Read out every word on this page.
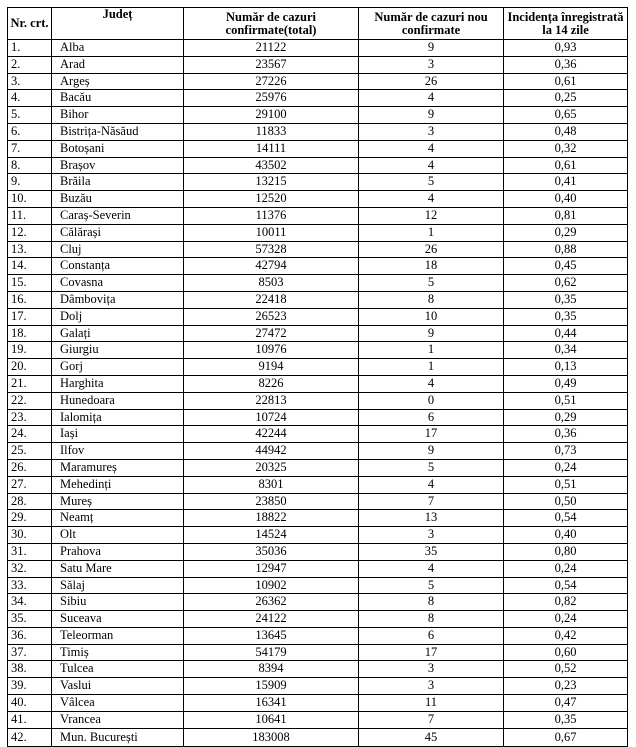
Nr. crt.	Județ	Număr de cazuri confirmate(total)	Număr de cazuri nou confirmate	Incidența înregistrată la 14 zile
1.	Alba	21122	9	0,93
2.	Arad	23567	3	0,36
3.	Argeș	27226	26	0,61
4.	Bacău	25976	4	0,25
5.	Bihor	29100	9	0,65
6.	Bistrița-Năsăud	11833	3	0,48
7.	Botoșani	14111	4	0,32
8.	Brașov	43502	4	0,61
9.	Brăila	13215	5	0,41
10.	Buzău	12520	4	0,40
11.	Caraș-Severin	11376	12	0,81
12.	Călărași	10011	1	0,29
13.	Cluj	57328	26	0,88
14.	Constanța	42794	18	0,45
15.	Covasna	8503	5	0,62
16.	Dâmbovița	22418	8	0,35
17.	Dolj	26523	10	0,35
18.	Galați	27472	9	0,44
19.	Giurgiu	10976	1	0,34
20.	Gorj	9194	1	0,13
21.	Harghita	8226	4	0,49
22.	Hunedoara	22813	0	0,51
23.	Ialomița	10724	6	0,29
24.	Iași	42244	17	0,36
25.	Ilfov	44942	9	0,73
26.	Maramureș	20325	5	0,24
27.	Mehedinți	8301	4	0,51
28.	Mureș	23850	7	0,50
29.	Neamț	18822	13	0,54
30.	Olt	14524	3	0,40
31.	Prahova	35036	35	0,80
32.	Satu Mare	12947	4	0,24
33.	Sălaj	10902	5	0,54
34.	Sibiu	26362	8	0,82
35.	Suceava	24122	8	0,24
36.	Teleorman	13645	6	0,42
37.	Timiș	54179	17	0,60
38.	Tulcea	8394	3	0,52
39.	Vaslui	15909	3	0,23
40.	Vâlcea	16341	11	0,47
41.	Vrancea	10641	7	0,35
42.	Mun. București	183008	45	0,67
